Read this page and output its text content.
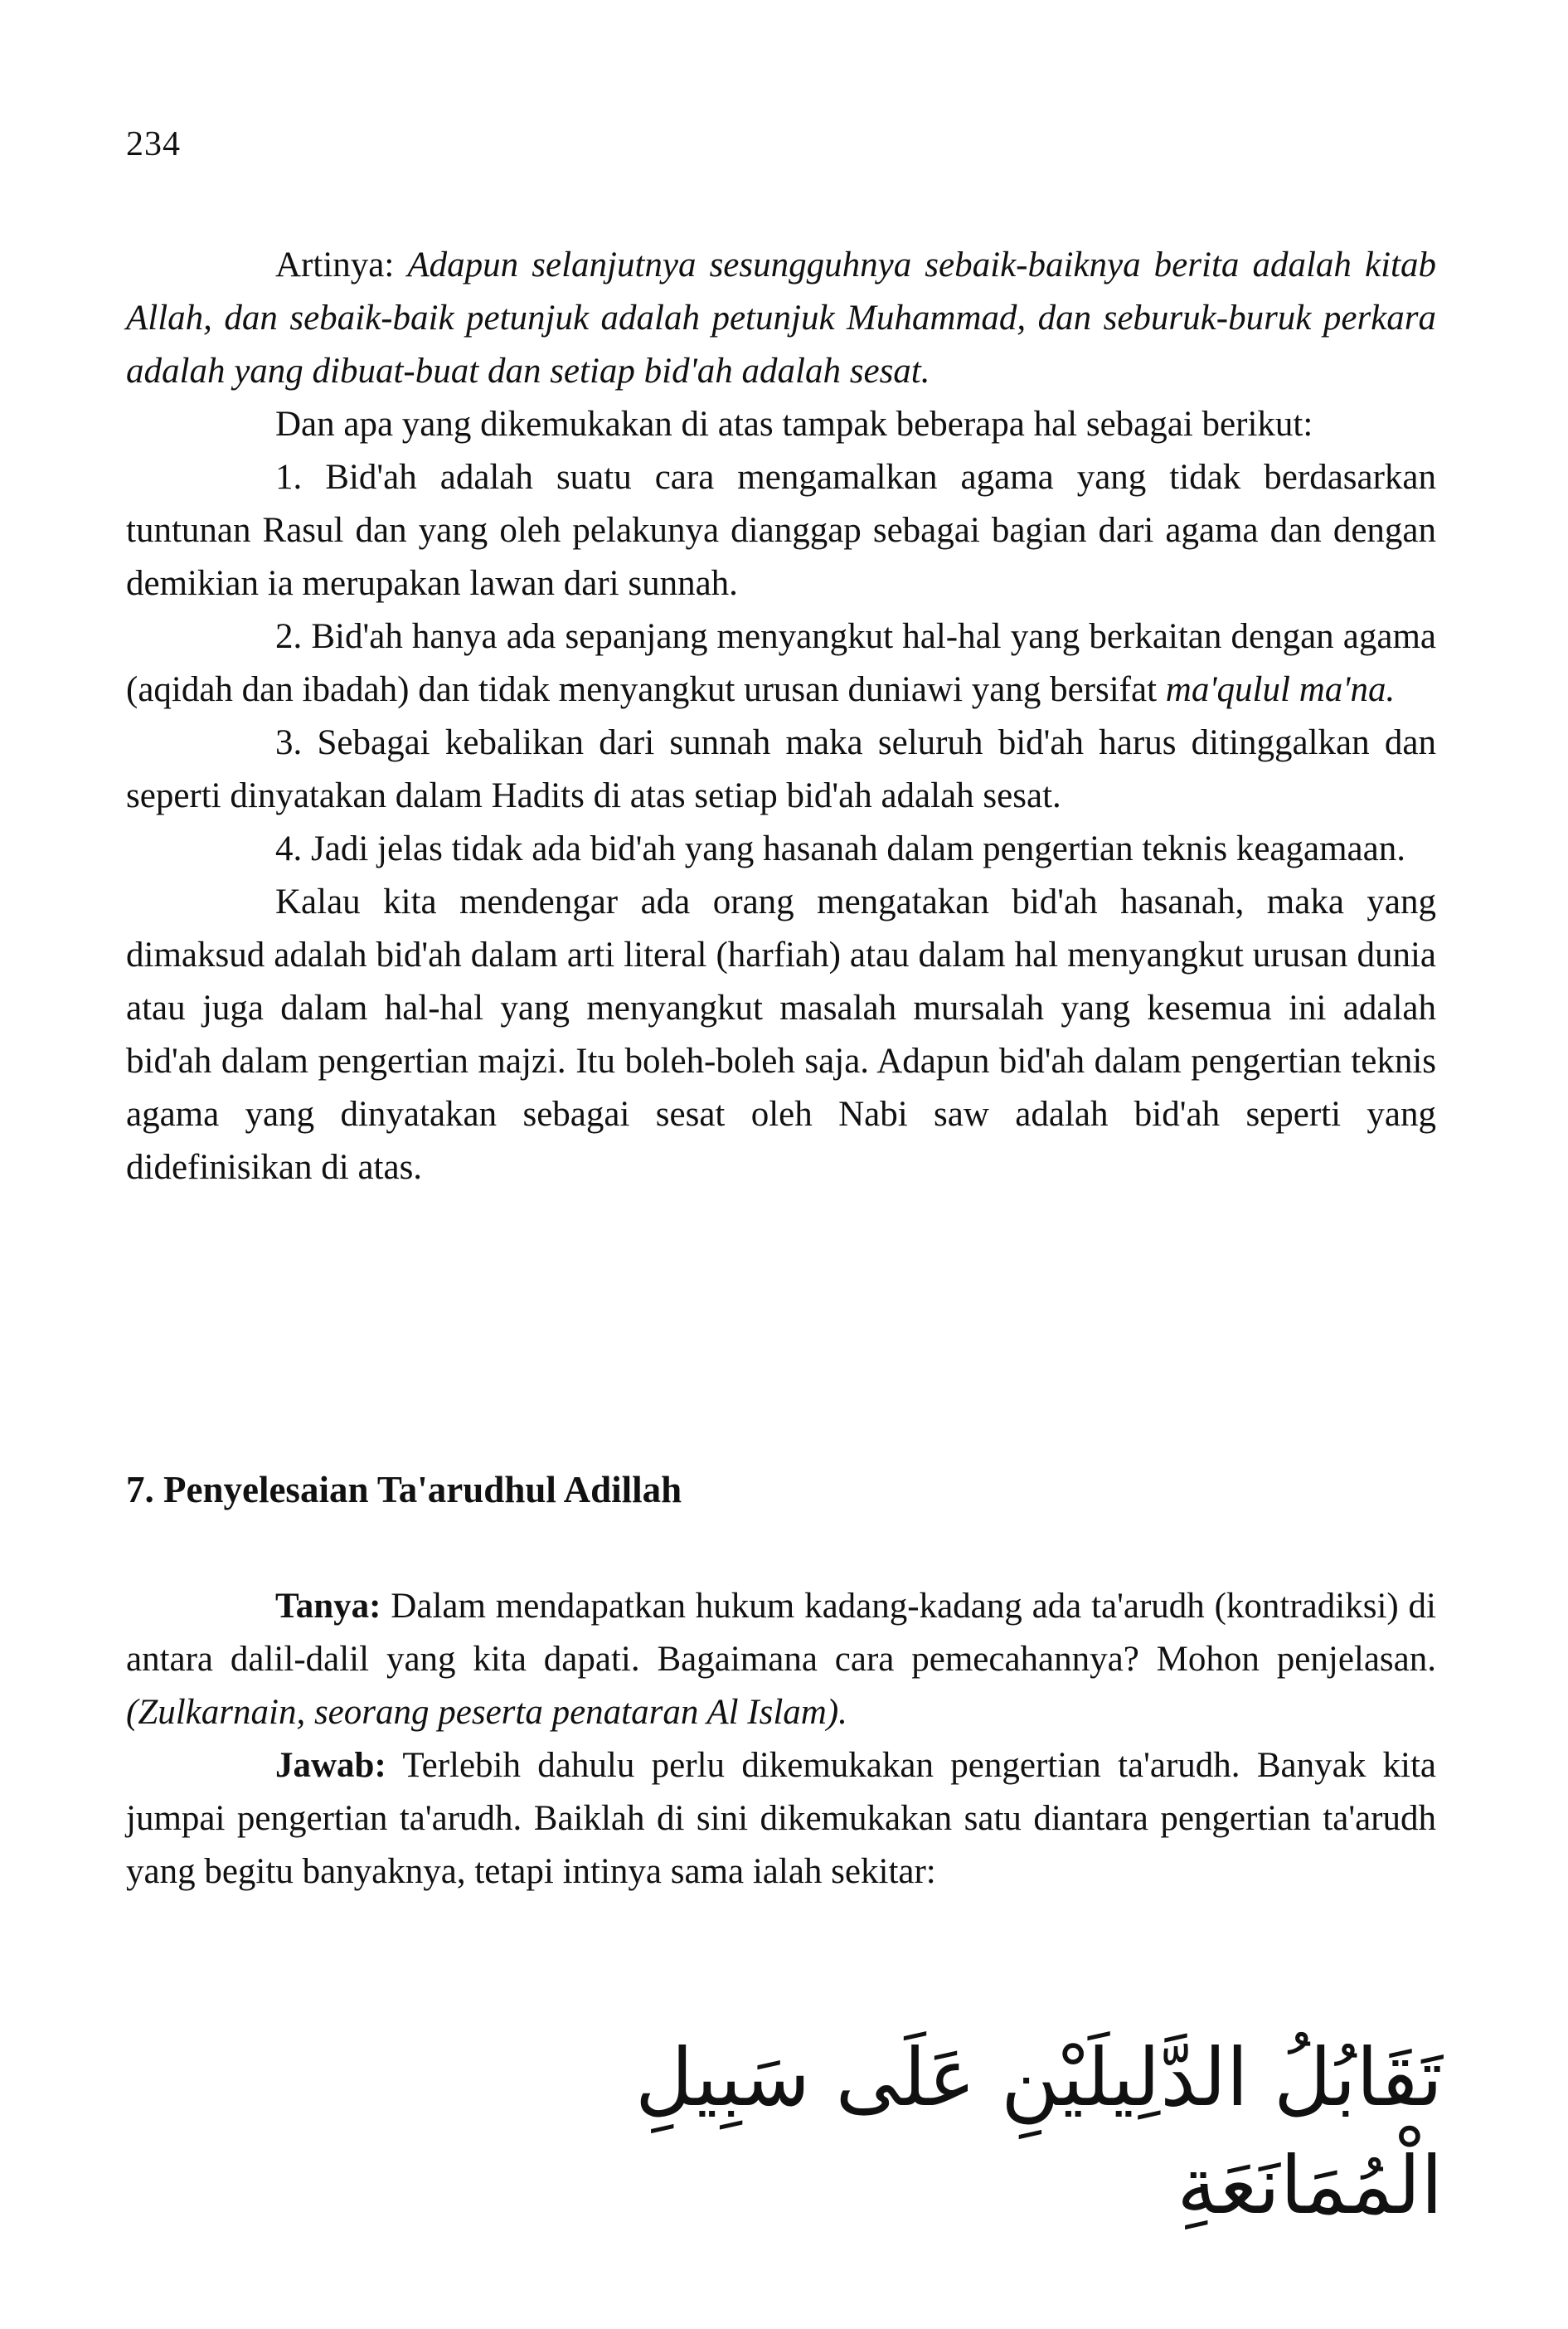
234

Artinya: Adapun selanjutnya sesungguhnya sebaik-baiknya berita adalah kitab Allah, dan sebaik-baik petunjuk adalah petunjuk Muhammad, dan seburuk-buruk perkara adalah yang dibuat-buat dan setiap bid'ah adalah sesat.

Dan apa yang dikemukakan di atas tampak beberapa hal sebagai berikut:

1. Bid'ah adalah suatu cara mengamalkan agama yang tidak berdasarkan tuntunan Rasul dan yang oleh pelakunya dianggap sebagai bagian dari agama dan dengan demikian ia merupakan lawan dari sunnah.

2. Bid'ah hanya ada sepanjang menyangkut hal-hal yang berkaitan dengan agama (aqidah dan ibadah) dan tidak menyangkut urusan duniawi yang bersifat ma'qulul ma'na.

3. Sebagai kebalikan dari sunnah maka seluruh bid'ah harus ditinggalkan dan seperti dinyatakan dalam Hadits di atas setiap bid'ah adalah sesat.

4. Jadi jelas tidak ada bid'ah yang hasanah dalam pengertian teknis keagamaan.

Kalau kita mendengar ada orang mengatakan bid'ah hasanah, maka yang dimaksud adalah bid'ah dalam arti literal (harfiah) atau dalam hal menyangkut urusan dunia atau juga dalam hal-hal yang menyangkut masalah mursalah yang kesemua ini adalah bid'ah dalam pengertian majzi. Itu boleh-boleh saja. Adapun bid'ah dalam pengertian teknis agama yang dinyatakan sebagai sesat oleh Nabi saw adalah bid'ah seperti yang didefinisikan di atas.

7. Penyelesaian Ta'arudhul Adillah

Tanya: Dalam mendapatkan hukum kadang-kadang ada ta'arudh (kontradiksi) di antara dalil-dalil yang kita dapati. Bagaimana cara pemecahannya? Mohon penjelasan. (Zulkarnain, seorang peserta penataran Al Islam).

Jawab: Terlebih dahulu perlu dikemukakan pengertian ta'arudh. Banyak kita jumpai pengertian ta'arudh. Baiklah di sini dikemukakan satu diantara pengertian ta'arudh yang begitu banyaknya, tetapi intinya sama ialah sekitar:

تَقَابُلُ الدَّلِيلَيْنِ عَلَى سَبِيلِ الْمُمَانَعَةِ
